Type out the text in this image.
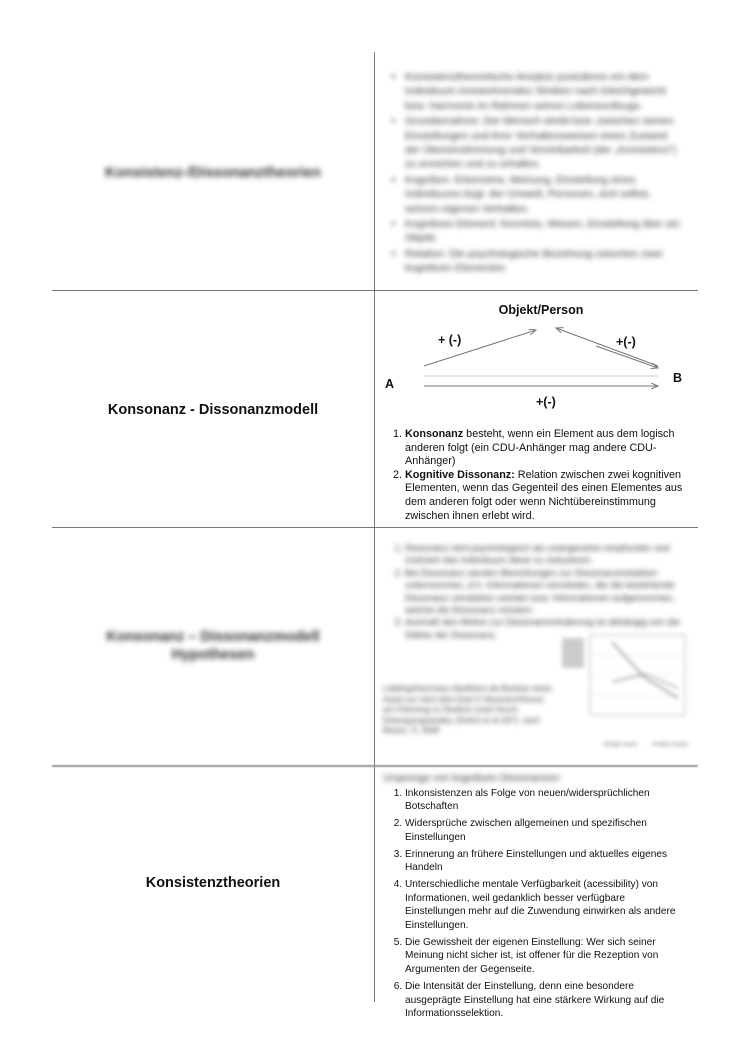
Konsistenz-/Dissonanztheorien
• Konsistenztheoretische Ansätze postulieren ein dem Individuum innewohnendes Streben nach Gleichgewicht bzw. Harmonie im Rahmen seines Lebensvollzugs.
• Grundannahme: Der Mensch strebt bzw. zwischen seinen Einstellungen und ihrer Verhaltensweisen einen Zustand der Übereinstimmung und Vereinbarkeit (der „Konsistenz“) zu erreichen und zu erhalten.
• Kognition: Erkenntnis, Meinung, Einstellung eines Individuums bzgl. der Umwelt, Personen, sich selbst, seinem eigenen Verhalten.
• Kognitives Element: Kenntnis, Wissen, Einstellung über ein Objekt
• Relation: Die psychologische Beziehung zwischen zwei kognitiven Elementen
Konsonanz - Dissonanzmodell
Objekt/Person
A	B
+ (-)	+(-)
+(-)
1. Konsonanz besteht, wenn ein Element aus dem logisch anderen folgt (ein CDU-Anhänger mag andere CDU-Anhänger)
2. Kognitive Dissonanz: Relation zwischen zwei kognitiven Elementen, wenn das Gegenteil des einen Elementes aus dem anderen folgt oder wenn Nichtübereinstimmung zwischen ihnen erlebt wird.
Konsonanz – Dissonanzmodell
Hypothesen
1. Dissonanz wird psychologisch als unangenehm empfunden und motiviert das Individuum diese zu reduzieren.
2. Bei Dissonanz werden Bemühungen zur Dissonanzreduktion unternommen, d.h. Informationen vermieden, die die bestehende Dissonanz verstärken würden bzw. Informationen aufgenommen, welche die Dissonanz mindern.
3. Ausmaß des Motivs zur Dissonanzminderung ist abhängig von der Stärke der Dissonanz.
Lieblingsfrauchaus Idealfotos als Besitzer eines Autos nur nach dem Kauf © Neumann/Geuss am Fahrzeug zu Studium (nach Acura Entsorgungsstudie), Ehrlich et al 1971, nach Mosen, S. 2008
Einige Autos Andere Autos
Konsistenztheorien
Ursprünge von kognitiven Dissonanzen:
1. Inkonsistenzen als Folge von neuen/widersprüchlichen Botschaften
2. Widersprüche zwischen allgemeinen und spezifischen Einstellungen
3. Erinnerung an frühere Einstellungen und aktuelles eigenes Handeln
4. Unterschiedliche mentale Verfügbarkeit (acessibility) von Informationen, weil gedanklich besser verfügbare Einstellungen mehr auf die Zuwendung einwirken als andere Einstellungen.
5. Die Gewissheit der eigenen Einstellung: Wer sich seiner Meinung nicht sicher ist, ist offener für die Rezeption von Argumenten der Gegenseite.
6. Die Intensität der Einstellung, denn eine besondere ausgeprägte Einstellung hat eine stärkere Wirkung auf die Informationsselektion.
